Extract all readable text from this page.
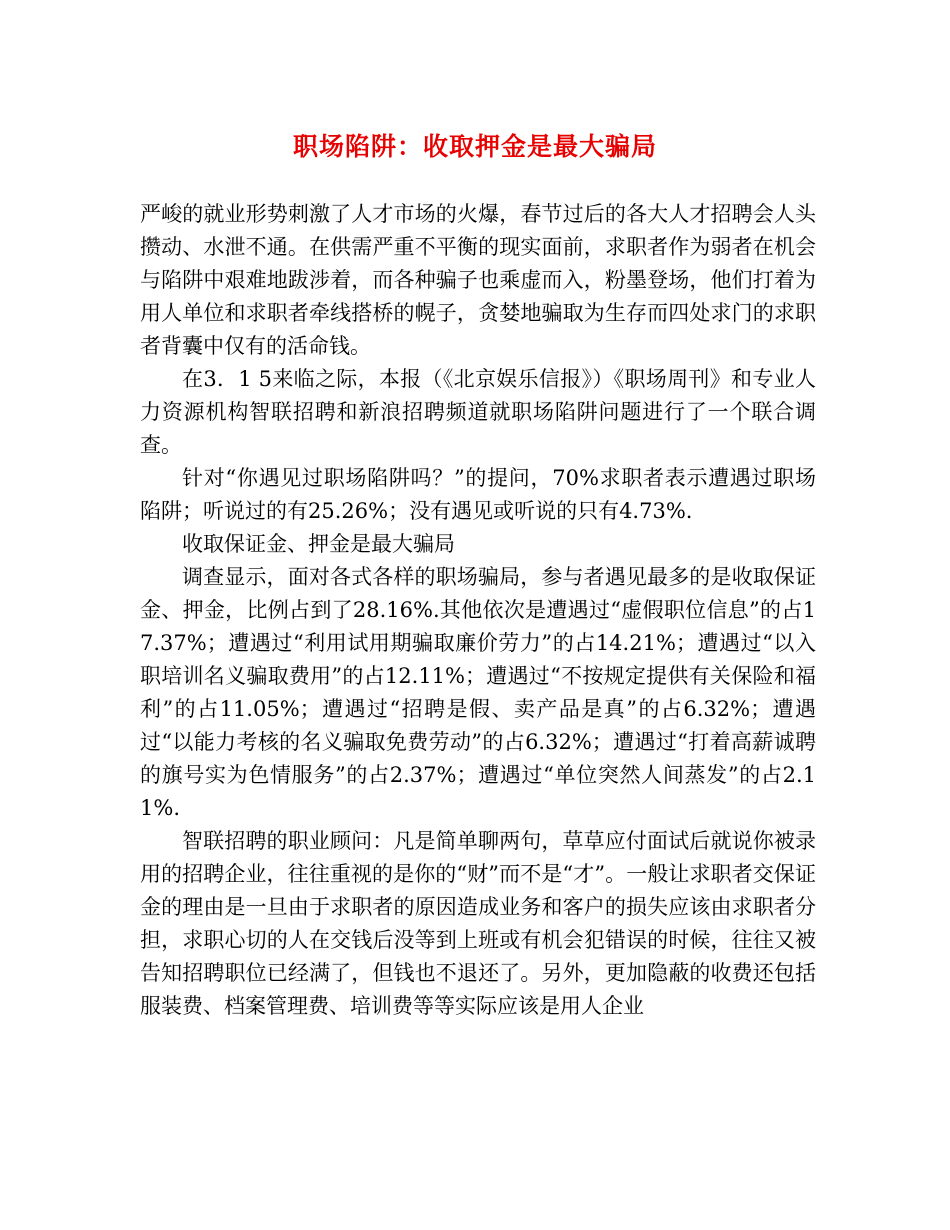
职场陷阱：收取押金是最大骗局

严峻的就业形势刺激了人才市场的火爆，春节过后的各大人才招聘会人头攒动、水泄不通。在供需严重不平衡的现实面前，求职者作为弱者在机会与陷阱中艰难地跋涉着，而各种骗子也乘虚而入，粉墨登场，他们打着为用人单位和求职者牵线搭桥的幌子，贪婪地骗取为生存而四处求门的求职者背囊中仅有的活命钱。

在3．1 5来临之际，本报（《北京娱乐信报》）《职场周刊》和专业人力资源机构智联招聘和新浪招聘频道就职场陷阱问题进行了一个联合调查。

针对“你遇见过职场陷阱吗？”的提问，70%求职者表示遭遇过职场陷阱；听说过的有25.26%；没有遇见或听说的只有4.73%.

收取保证金、押金是最大骗局

调查显示，面对各式各样的职场骗局，参与者遇见最多的是收取保证金、押金，比例占到了28.16%.其他依次是遭遇过“虚假职位信息”的占17.37%；遭遇过“利用试用期骗取廉价劳力”的占14.21%；遭遇过“以入职培训名义骗取费用”的占12.11%；遭遇过“不按规定提供有关保险和福利”的占11.05%；遭遇过“招聘是假、卖产品是真”的占6.32%；遭遇过“以能力考核的名义骗取免费劳动”的占6.32%；遭遇过“打着高薪诚聘的旗号实为色情服务”的占2.37%；遭遇过“单位突然人间蒸发”的占2.11%.

智联招聘的职业顾问：凡是简单聊两句，草草应付面试后就说你被录用的招聘企业，往往重视的是你的“财”而不是“才”。一般让求职者交保证金的理由是一旦由于求职者的原因造成业务和客户的损失应该由求职者分担，求职心切的人在交钱后没等到上班或有机会犯错误的时候，往往又被告知招聘职位已经满了，但钱也不退还了。另外，更加隐蔽的收费还包括服装费、档案管理费、培训费等等实际应该是用人企业
